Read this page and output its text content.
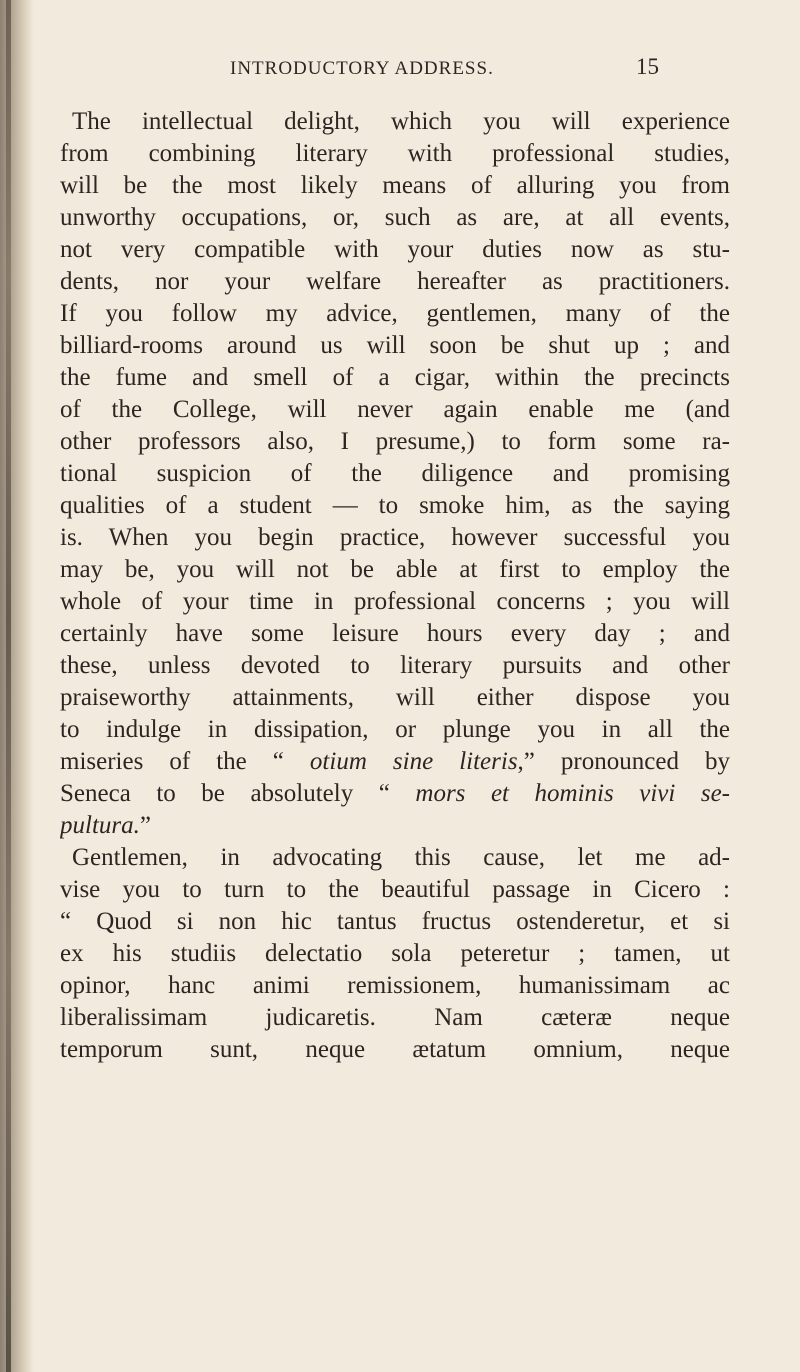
INTRODUCTORY ADDRESS.	15
The intellectual delight, which you will experience
from combining literary with professional studies,
will be the most likely means of alluring you from
unworthy occupations, or, such as are, at all events,
not very compatible with your duties now as stu-
dents, nor your welfare hereafter as practitioners.
If you follow my advice, gentlemen, many of the
billiard-rooms around us will soon be shut up ; and
the fume and smell of a cigar, within the precincts
of the College, will never again enable me (and
other professors also, I presume,) to form some ra-
tional suspicion of the diligence and promising
qualities of a student — to smoke him, as the saying
is. When you begin practice, however successful you
may be, you will not be able at first to employ the
whole of your time in professional concerns ; you will
certainly have some leisure hours every day ; and
these, unless devoted to literary pursuits and other
praiseworthy attainments, will either dispose you
to indulge in dissipation, or plunge you in all the
miseries of the “ otium sine literis,” pronounced by
Seneca to be absolutely “ mors et hominis vivi se-
pultura.”
Gentlemen, in advocating this cause, let me ad-
vise you to turn to the beautiful passage in Cicero :
“ Quod si non hic tantus fructus ostenderetur, et si
ex his studiis delectatio sola peteretur ; tamen, ut
opinor, hanc animi remissionem, humanissimam ac
liberalissimam judicaretis. Nam cæteræ neque
temporum sunt, neque ætatum omnium, neque
